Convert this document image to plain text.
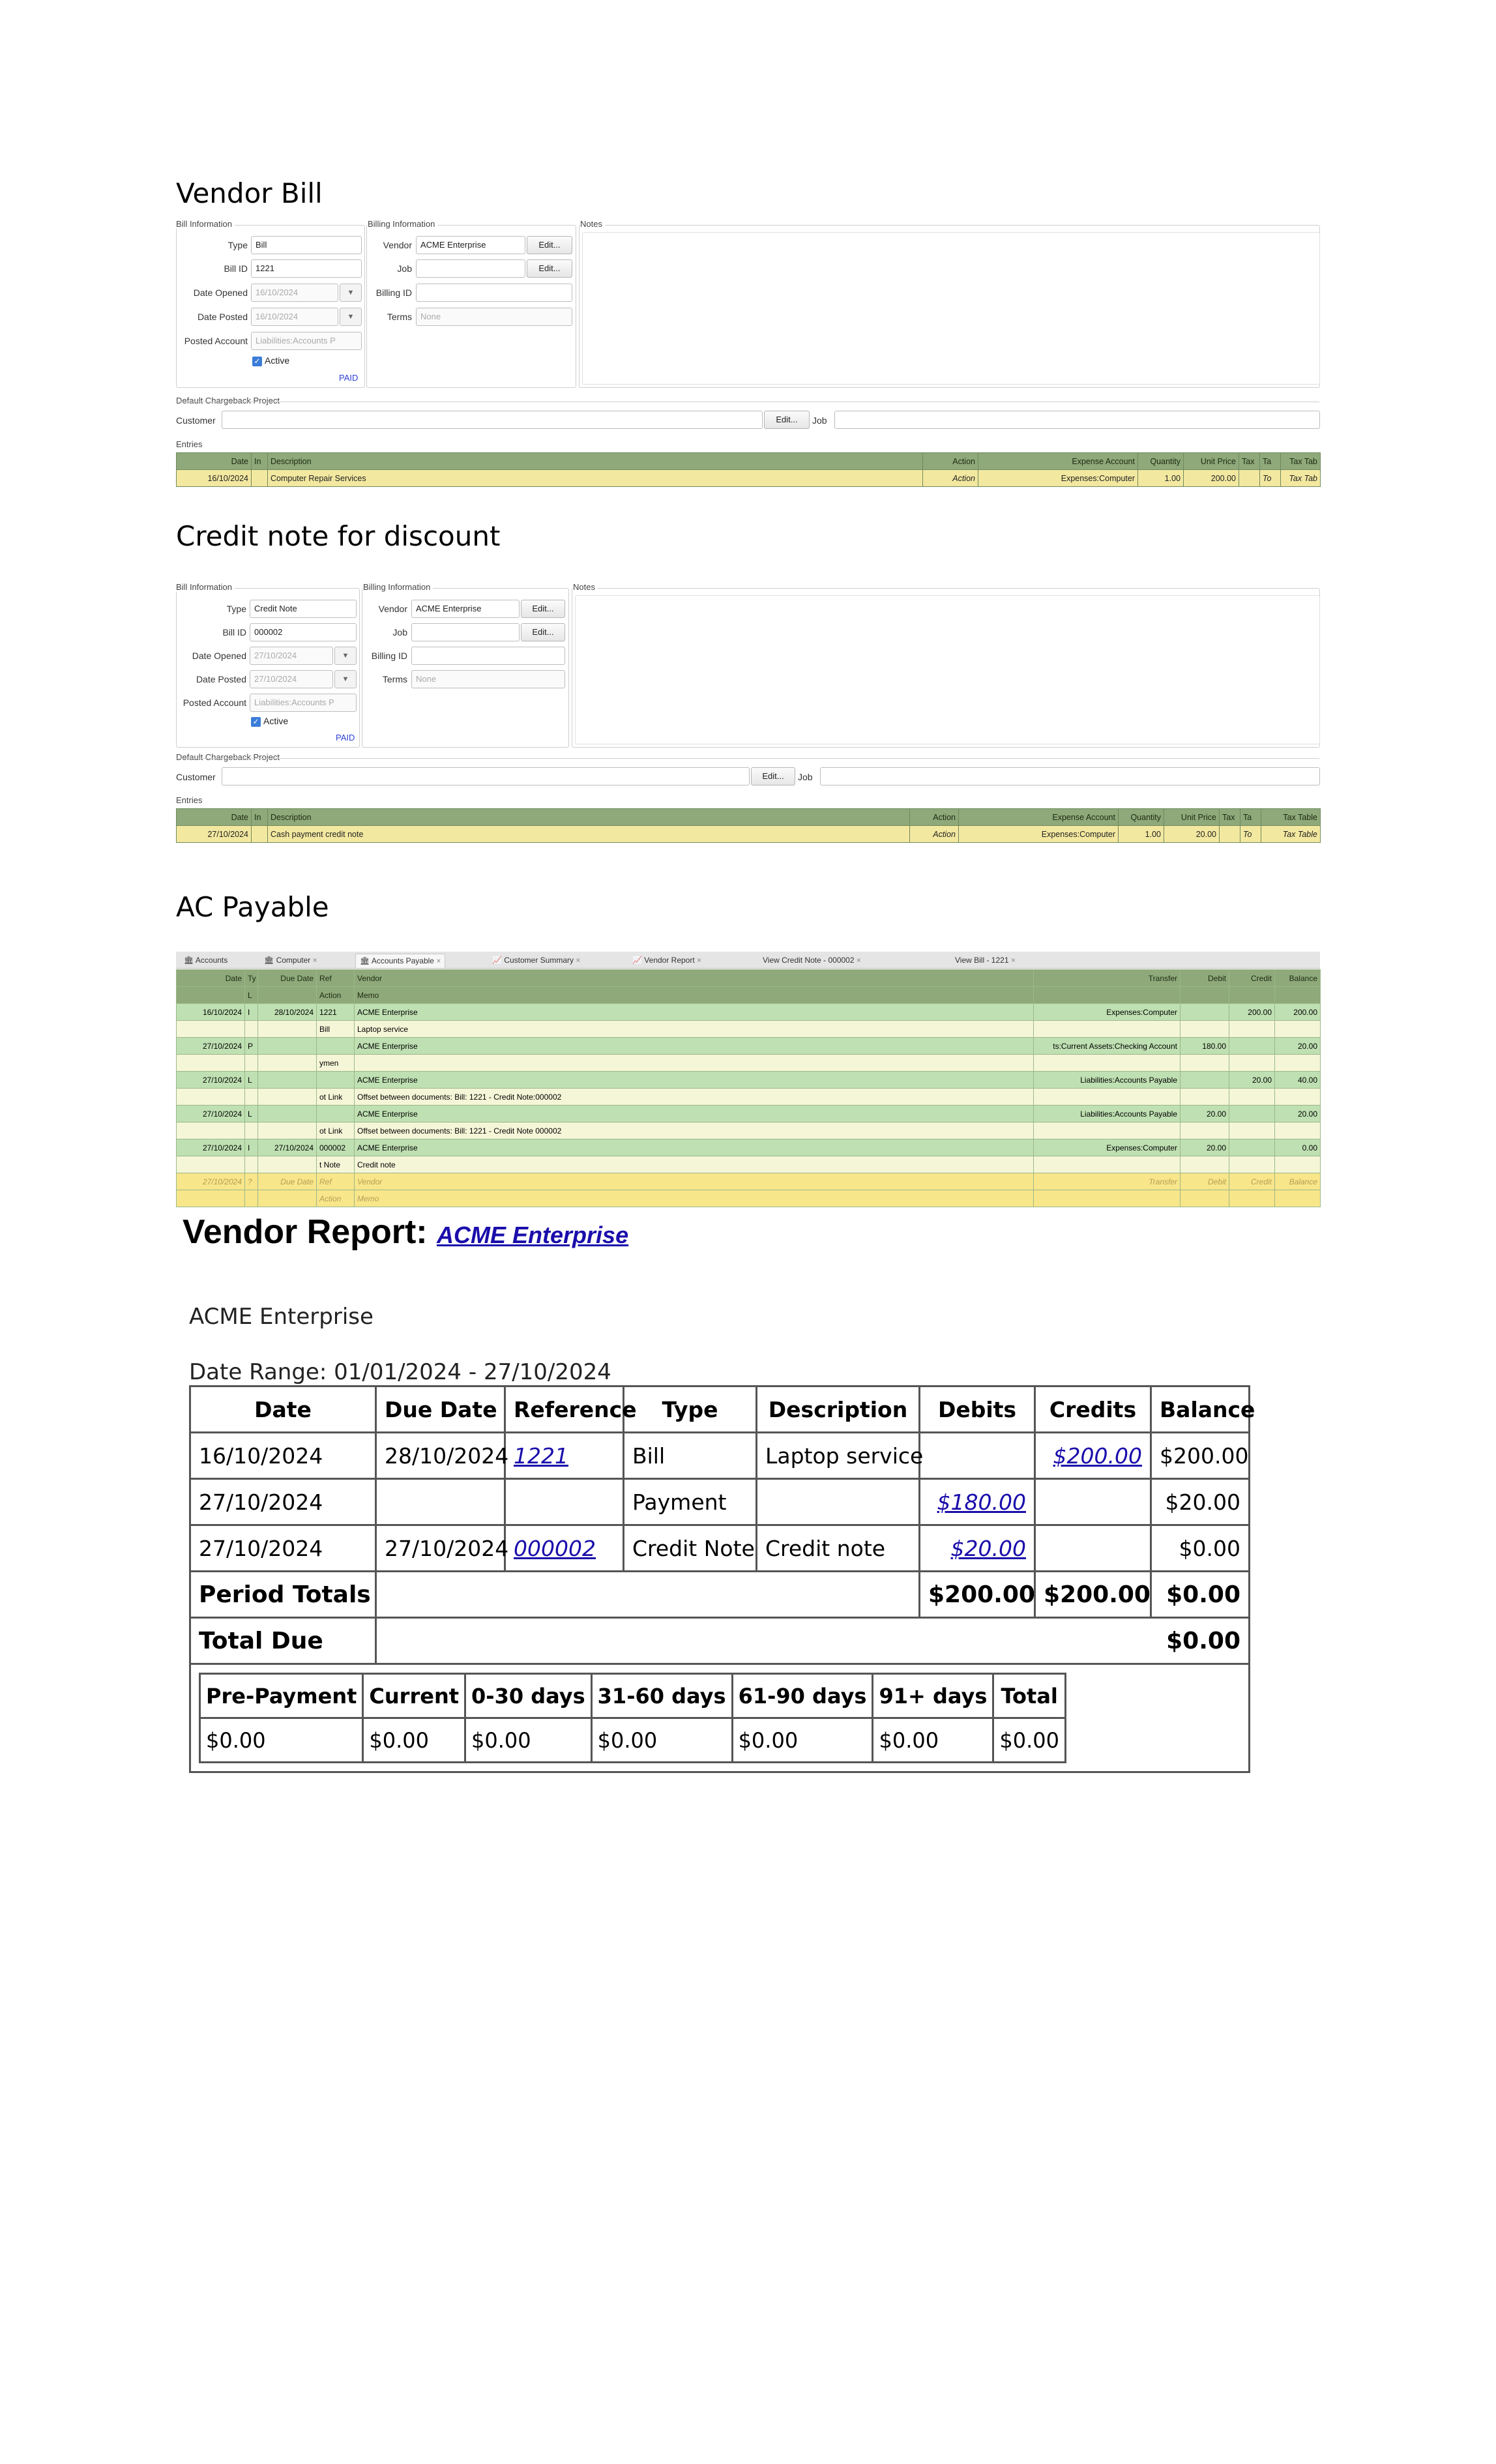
Vendor Bill
Bill Information
Type Bill
Bill ID 1221
Date Opened 16/10/2024	▼
Date Posted 16/10/2024	▼
Posted Account Liabilities:Accounts P
✓ Active
PAID
Billing Information
Vendor	ACME Enterprise	Edit...
Job	Edit...
Billing ID
Terms	None
Notes
Default Chargeback Project
Customer	Edit...	Job
Entries
Date	In	Description	Action	Expense Account	Quantity	Unit Price	Tax	Ta	Tax Tab
16/10/2024		Computer Repair Services	Action	Expenses:Computer	1.00	200.00		To	Tax Tab
Credit note for discount
Bill Information
Type Credit Note
Bill ID 000002
Date Opened 27/10/2024	▼
Date Posted 27/10/2024	▼
Posted Account Liabilities:Accounts P
✓ Active
PAID
Billing Information
Vendor	ACME Enterprise	Edit...
Job	Edit...
Billing ID
Terms	None
Notes
Default Chargeback Project
Customer	Edit...	Job
Entries
Date	In	Description	Action	Expense Account	Quantity	Unit Price	Tax	Ta	Tax Table
27/10/2024		Cash payment credit note	Action	Expenses:Computer	1.00	20.00		To	Tax Table
AC Payable
🏛 Accounts	🏛 Computer ×	🏛 Accounts Payable ×	📈 Customer Summary ×	📈 Vendor Report ×	View Credit Note - 000002 ×	View Bill - 1221 ×
Date	Ty	Due Date	Ref	Vendor	Transfer	Debit	Credit	Balance
	L		Action	Memo				
16/10/2024	I	28/10/2024	1221	ACME Enterprise	Expenses:Computer		200.00	200.00
			Bill	Laptop service				
27/10/2024	P			ACME Enterprise	ts:Current Assets:Checking Account	180.00		20.00
			ymen					
27/10/2024	L			ACME Enterprise	Liabilities:Accounts Payable		20.00	40.00
			ot Link	Offset between documents: Bill: 1221 - Credit Note:000002				
27/10/2024	L			ACME Enterprise	Liabilities:Accounts Payable	20.00		20.00
			ot Link	Offset between documents: Bill: 1221 - Credit Note 000002				
27/10/2024	I	27/10/2024	000002	ACME Enterprise	Expenses:Computer	20.00		0.00
			t Note	Credit note				
27/10/2024	?	Due Date	Ref	Vendor	Transfer	Debit	Credit	Balance
			Action	Memo				
Vendor Report: ACME Enterprise
ACME Enterprise
Date Range: 01/01/2024 - 27/10/2024
Date	Due Date	Reference	Type	Description	Debits	Credits	Balance
16/10/2024	28/10/2024	1221	Bill	Laptop service		$200.00	$200.00
27/10/2024			Payment		$180.00		$20.00
27/10/2024	27/10/2024	000002	Credit Note	Credit note	$20.00		$0.00
Period Totals		$200.00	$200.00	$0.00
Total Due	$0.00

Pre-Payment	Current	0-30 days	31-60 days	61-90 days	91+ days	Total
$0.00	$0.00	$0.00	$0.00	$0.00	$0.00	$0.00
